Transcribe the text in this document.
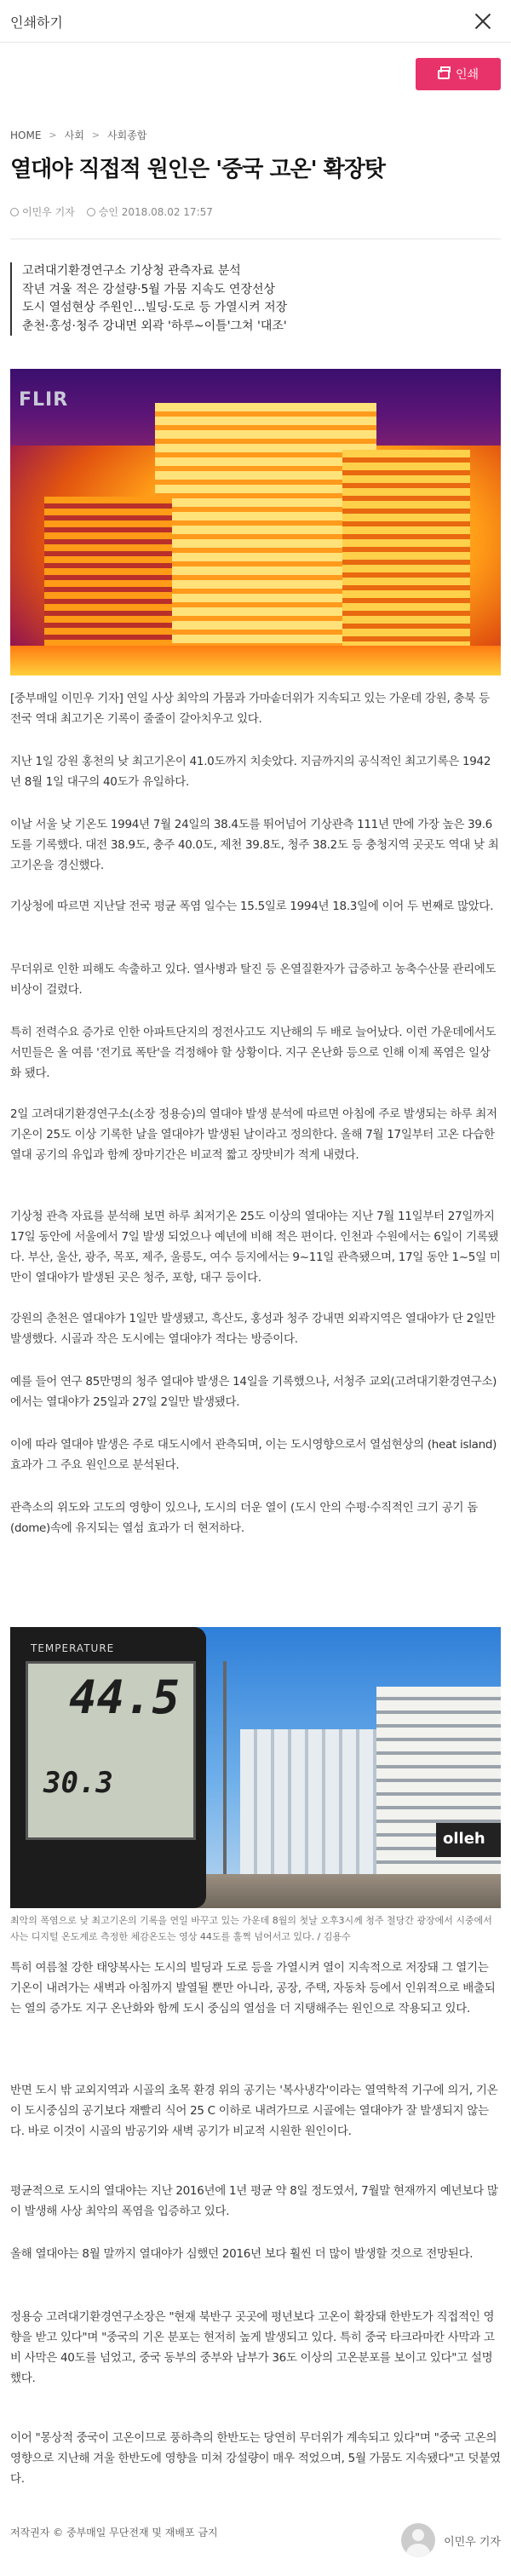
인쇄하기
인쇄
HOME > 사회 > 사회종합
열대야 직접적 원인은 '중국 고온' 확장탓
이민우 기자	승인 2018.08.02 17:57
고려대기환경연구소 기상청 관측자료 분석
작년 겨울 적은 강설량·5월 가뭄 지속도 연장선상
도시 열섬현상 주원인…빌딩·도로 등 가열시켜 저장
춘천·홍성·청주 강내면 외곽 '하루~이틀'그쳐 '대조'
FLIR

[중부매일 이민우 기자] 연일 사상 최악의 가뭄과 가마솥더위가 지속되고 있는 가운데 강원, 충북 등 전국 역대 최고기온 기록이 줄줄이 갈아치우고 있다.

지난 1일 강원 홍천의 낮 최고기온이 41.0도까지 치솟았다. 지금까지의 공식적인 최고기록은 1942년 8월 1일 대구의 40도가 유일하다.

이날 서울 낮 기온도 1994년 7월 24일의 38.4도를 뛰어넘어 기상관측 111년 만에 가장 높은 39.6도를 기록했다. 대전 38.9도, 충주 40.0도, 제천 39.8도, 청주 38.2도 등 충청지역 곳곳도 역대 낮 최고기온을 경신했다.

기상청에 따르면 지난달 전국 평균 폭염 일수는 15.5일로 1994년 18.3일에 이어 두 번째로 많았다.

무더위로 인한 피해도 속출하고 있다. 열사병과 탈진 등 온열질환자가 급증하고 농축수산물 관리에도 비상이 걸렸다.

특히 전력수요 증가로 인한 아파트단지의 정전사고도 지난해의 두 배로 늘어났다. 이런 가운데에서도 서민들은 올 여름 '전기료 폭탄'을 걱정해야 할 상황이다. 지구 온난화 등으로 인해 이제 폭염은 일상화 됐다.

2일 고려대기환경연구소(소장 정용승)의 열대야 발생 분석에 따르면 아침에 주로 발생되는 하루 최저기온이 25도 이상 기록한 날을 열대야가 발생된 날이라고 정의한다. 올해 7월 17일부터 고온 다습한 열대 공기의 유입과 함께 장마기간은 비교적 짧고 장맛비가 적게 내렸다.

기상청 관측 자료를 분석해 보면 하루 최저기온 25도 이상의 열대야는 지난 7월 11일부터 27일까지 17일 동안에 서울에서 7일 발생 되었으나 예년에 비해 적은 편이다. 인천과 수원에서는 6일이 기록됐다. 부산, 울산, 광주, 목포, 제주, 울릉도, 여수 등지에서는 9~11일 관측됐으며, 17일 동안 1~5일 미만이 열대야가 발생된 곳은 청주, 포항, 대구 등이다.

강원의 춘천은 열대야가 1일만 발생됐고, 흑산도, 홍성과 청주 강내면 외곽지역은 열대야가 단 2일만 발생했다. 시골과 작은 도시에는 열대야가 적다는 방증이다.

예를 들어 연구 85만명의 청주 열대야 발생은 14일을 기록했으나, 서청주 교외(고려대기환경연구소)에서는 열대야가 25일과 27일 2일만 발생됐다.

이에 따라 열대야 발생은 주로 대도시에서 관측되며, 이는 도시영향으로서 열섬현상의 (heat island) 효과가 그 주요 원인으로 분석된다.

관측소의 위도와 고도의 영향이 있으나, 도시의 더운 열이 (도시 안의 수평·수직적인 크기 공기 돔(dome)속에 유지되는 열섬 효과가 더 현저하다.

olleh
TEMPERATURE
44.5
30.3

최악의 폭염으로 낮 최고기온의 기록을 연일 바꾸고 있는 가운데 8월의 첫날 오후3시께 청주 철당간 광장에서 시중에서 사는 디지털 온도계로 측정한 체감온도는 영상 44도를 훌쩍 넘어서고 있다. / 김용수

특히 여름철 강한 태양복사는 도시의 빌딩과 도로 등을 가열시켜 열이 지속적으로 저장돼 그 열기는 기온이 내려가는 새벽과 아침까지 발열될 뿐만 아니라, 공장, 주택, 자동차 등에서 인위적으로 배출되는 열의 증가도 지구 온난화와 함께 도시 중심의 열섬을 더 지탱해주는 원인으로 작용되고 있다.

반면 도시 밖 교외지역과 시골의 초목 환경 위의 공기는 '복사냉각'이라는 열역학적 기구에 의거, 기온이 도시중심의 공기보다 재빨리 식어 25 C 이하로 내려가므로 시골에는 열대야가 잘 발생되지 않는다. 바로 이것이 시골의 밤공기와 새벽 공기가 비교적 시원한 원인이다.

평균적으로 도시의 열대야는 지난 2016년에 1년 평균 약 8일 정도였서, 7월말 현재까지 예년보다 많이 발생해 사상 최악의 폭염을 입증하고 있다.

올해 열대야는 8월 말까지 열대야가 심했던 2016년 보다 훨씬 더 많이 발생할 것으로 전망된다.

정용승 고려대기환경연구소장은 "현재 북반구 곳곳에 평년보다 고온이 확장돼 한반도가 직접적인 영향을 받고 있다"며 "중국의 기온 분포는 현저히 높게 발생되고 있다. 특히 중국 타크라마칸 사막과 고비 사막은 40도를 넘었고, 중국 동부의 중부와 남부가 36도 이상의 고온분포를 보이고 있다"고 설명했다.

이어 "몽상적 중국이 고온이므로 풍하측의 한반도는 당연히 무더위가 계속되고 있다"며 "중국 고온의 영향으로 지난해 겨울 한반도에 영향을 미쳐 강설량이 매우 적었으며, 5월 가뭄도 지속됐다"고 덧붙였다.

저작권자 © 중부매일 무단전재 및 재배포 금지

이민우 기자
